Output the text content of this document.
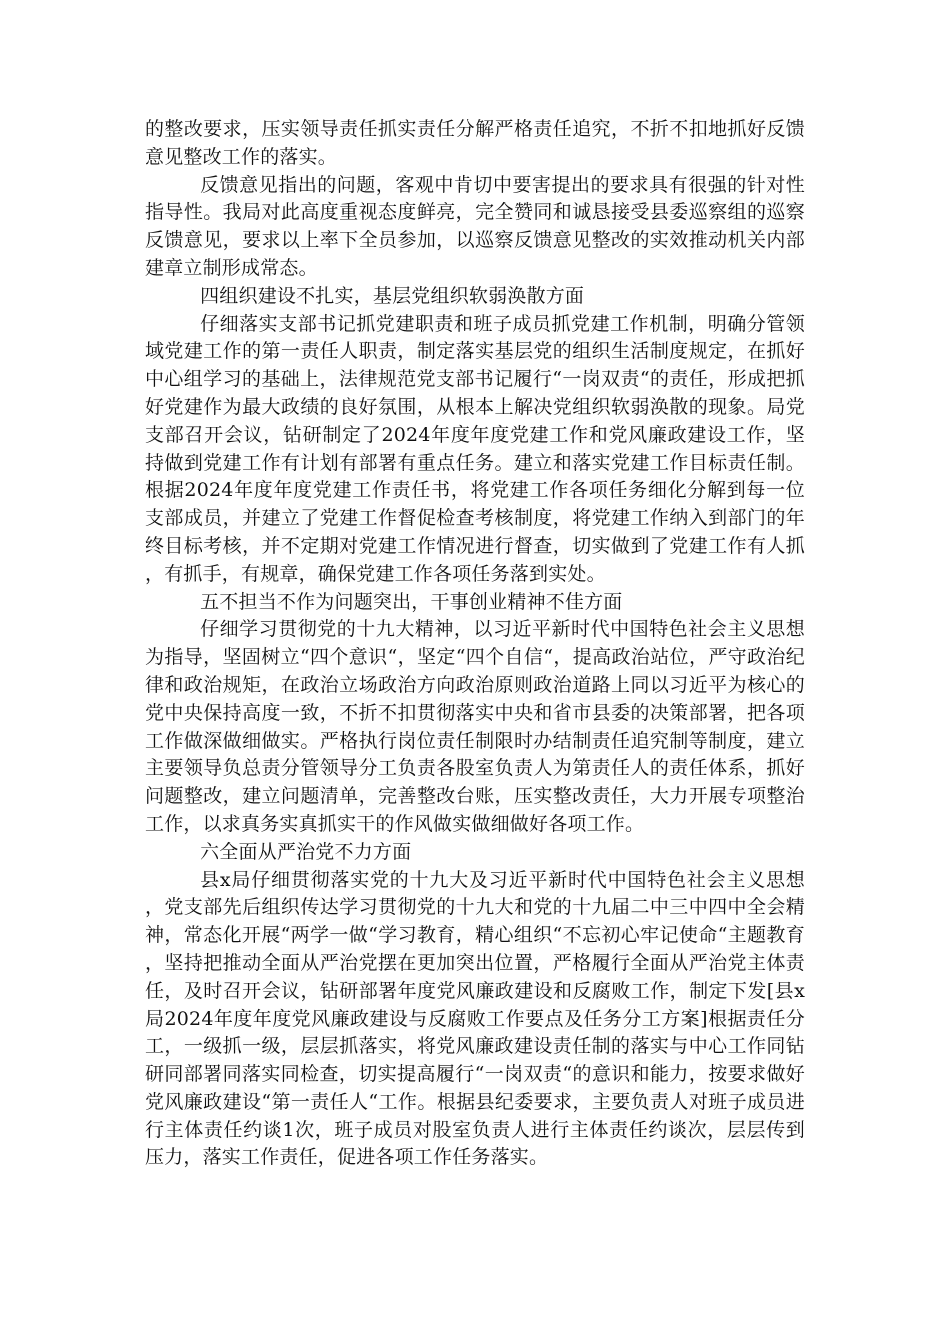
的整改要求，压实领导责任抓实责任分解严格责任追究，不折不扣地抓好反馈意见整改工作的落实。

反馈意见指出的问题，客观中肯切中要害提出的要求具有很强的针对性指导性。我局对此高度重视态度鲜亮，完全赞同和诚恳接受县委巡察组的巡察反馈意见，要求以上率下全员参加，以巡察反馈意见整改的实效推动机关内部建章立制形成常态。

四组织建设不扎实，基层党组织软弱涣散方面

仔细落实支部书记抓党建职责和班子成员抓党建工作机制，明确分管领域党建工作的第一责任人职责，制定落实基层党的组织生活制度规定，在抓好中心组学习的基础上，法律规范党支部书记履行“一岗双责“的责任，形成把抓好党建作为最大政绩的良好氛围，从根本上解决党组织软弱涣散的现象。局党支部召开会议，钻研制定了2024年度年度党建工作和党风廉政建设工作，坚持做到党建工作有计划有部署有重点任务。建立和落实党建工作目标责任制。根据2024年度年度党建工作责任书，将党建工作各项任务细化分解到每一位支部成员，并建立了党建工作督促检查考核制度，将党建工作纳入到部门的年终目标考核，并不定期对党建工作情况进行督查，切实做到了党建工作有人抓，有抓手，有规章，确保党建工作各项任务落到实处。

五不担当不作为问题突出，干事创业精神不佳方面

仔细学习贯彻党的十九大精神，以习近平新时代中国特色社会主义思想为指导，坚固树立“四个意识“，坚定“四个自信“，提高政治站位，严守政治纪律和政治规矩，在政治立场政治方向政治原则政治道路上同以习近平为核心的党中央保持高度一致，不折不扣贯彻落实中央和省市县委的决策部署，把各项工作做深做细做实。严格执行岗位责任制限时办结制责任追究制等制度，建立主要领导负总责分管领导分工负责各股室负责人为第责任人的责任体系，抓好问题整改，建立问题清单，完善整改台账，压实整改责任，大力开展专项整治工作，以求真务实真抓实干的作风做实做细做好各项工作。

六全面从严治党不力方面

县x局仔细贯彻落实党的十九大及习近平新时代中国特色社会主义思想，党支部先后组织传达学习贯彻党的十九大和党的十九届二中三中四中全会精神，常态化开展“两学一做“学习教育，精心组织“不忘初心牢记使命“主题教育，坚持把推动全面从严治党摆在更加突出位置，严格履行全面从严治党主体责任，及时召开会议，钻研部署年度党风廉政建设和反腐败工作，制定下发[县x局2024年度年度党风廉政建设与反腐败工作要点及任务分工方案]根据责任分工，一级抓一级，层层抓落实，将党风廉政建设责任制的落实与中心工作同钻研同部署同落实同检查，切实提高履行“一岗双责“的意识和能力，按要求做好党风廉政建设“第一责任人“工作。根据县纪委要求，主要负责人对班子成员进行主体责任约谈1次，班子成员对股室负责人进行主体责任约谈次，层层传到压力，落实工作责任，促进各项工作任务落实。
